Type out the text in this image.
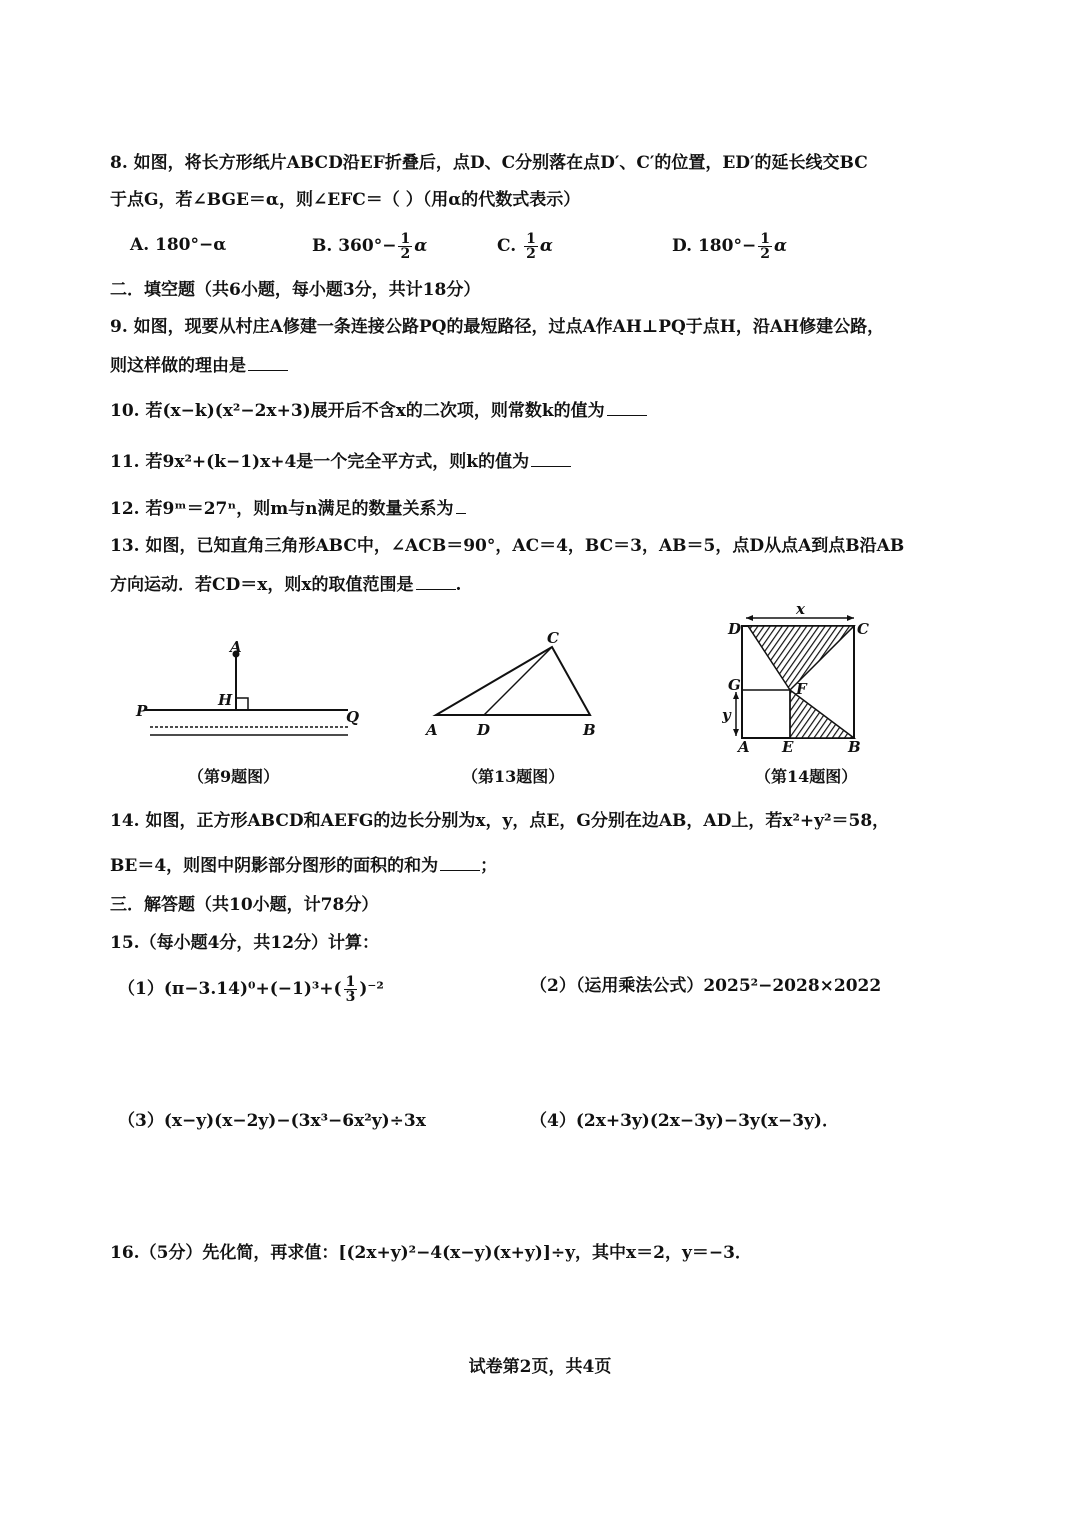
8. 如图，将长方形纸片ABCD沿EF折叠后，点D、C分别落在点D′、C′的位置，ED′的延长线交BC
于点G，若∠BGE＝α，则∠EFC＝（ ）（用α的代数式表示）
A. 180°−α	B. $360^\circ- \frac{1}{2}$ α	C. $\frac{1}{2}$ α	D. $180^\circ- \frac{1}{2}$ α
二．填空题（共6小题，每小题3分，共计18分）
9. 如图，现要从村庄A修建一条连接公路PQ的最短路径，过点A作AH⊥PQ于点H，沿AH修建公路，
则这样做的理由是
10. 若(x−k)(x²−2x+3)展开后不含x的二次项，则常数k的值为
11. 若9x²+(k−1)x+4是一个完全平方式，则k的值为
12. 若9ᵐ＝27ⁿ，则m与n满足的数量关系为
13. 如图，已知直角三角形ABC中，∠ACB＝90°，AC＝4，BC＝3，AB＝5，点D从点A到点B沿AB
方向运动．若CD＝x，则x的取值范围是 .
A
H
P	Q
（第9题图）
C
A	D	B
（第13题图）
x
y
D	C
G	F
A E	B
（第14题图）
14. 如图，正方形ABCD和AEFG的边长分别为x，y，点E，G分别在边AB，AD上，若x²+y²＝58，
BE＝4，则图中阴影部分图形的面积的和为 ；
三．解答题（共10小题，计78分）
15.（每小题4分，共12分）计算：
$(1)(\pi-3.14)^0+(-1)^3+( \frac{1}{3} )^{-2}$	（2）（运用乘法公式）2025²−2028×2022
（3）(x−y)(x−2y)−(3x³−6x²y)÷3x	（4）(2x+3y)(2x−3y)−3y(x−3y)．
16.（5分）先化简，再求值：[(2x+y)²−4(x−y)(x+y)]÷y，其中x＝2，y＝−3．
试卷第2页，共4页
